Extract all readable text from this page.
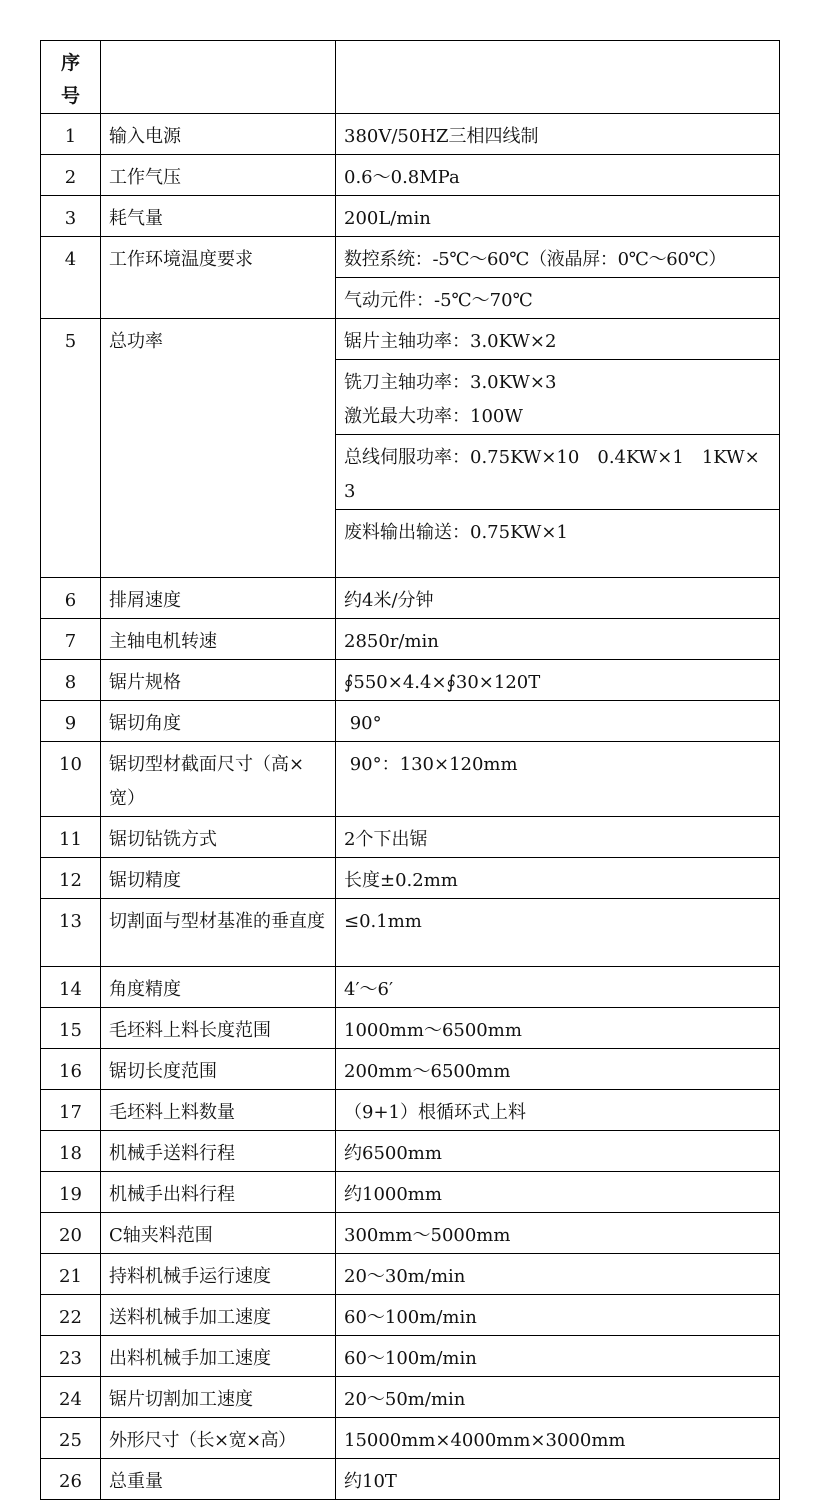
序号		
1	输入电源	380V/50HZ三相四线制
2	工作气压	0.6～0.8MPa
3	耗气量	200L/min
4	工作环境温度要求	数控系统：-5℃～60℃（液晶屏：0℃～60℃）
		气动元件：-5℃～70℃
5	总功率	锯片主轴功率：3.0KW×2

		铣刀主轴功率：3.0KW×3
激光最大功率：100W

		总线伺服功率：0.75KW×10　0.4KW×1　1KW×3
		废料输出输送：0.75KW×1
6	排屑速度	约4米/分钟
7	主轴电机转速	2850r/min
8	锯片规格	∮550×4.4×∮30×120T
9	锯切角度	90°
10	锯切型材截面尺寸（高×宽）	90°：130×120mm
11	锯切钻铣方式	2个下出锯
12	锯切精度	长度±0.2mm
13	切割面与型材基准的垂直度	≤0.1mm
14	角度精度	4′～6′
15	毛坯料上料长度范围	1000mm～6500mm
16	锯切长度范围	200mm～6500mm
17	毛坯料上料数量	（9+1）根循环式上料
18	机械手送料行程	约6500mm
19	机械手出料行程	约1000mm
20	C轴夹料范围	300mm～5000mm
21	持料机械手运行速度	20～30m/min
22	送料机械手加工速度	60～100m/min
23	出料机械手加工速度	60～100m/min
24	锯片切割加工速度	20～50m/min
25	外形尺寸（长×宽×高）	15000mm×4000mm×3000mm
26	总重量	约10T
